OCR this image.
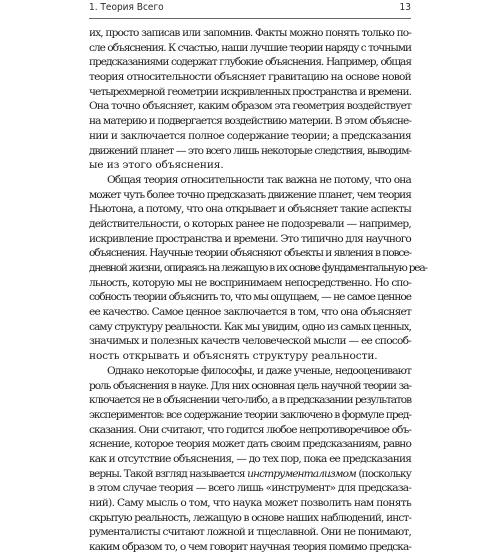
1. Теория Всего	13
их, просто записав или запомнив. Факты можно понять только по-
сле объяснения. К счастью, наши лучшие теории наряду с точными
предсказаниями содержат глубокие объяснения. Например, общая
теория относительности объясняет гравитацию на основе новой
четырехмерной геометрии искривленных пространства и времени.
Она точно объясняет, каким образом эта геометрия воздействует
на материю и подвергается воздействию материи. В этом объясне-
нии и заключается полное содержание теории; а предсказания
движений планет — это всего лишь некоторые следствия, выводим-
ые из этого объяснения.
Общая теория относительности так важна не потому, что она
может чуть более точно предсказать движение планет, чем теория
Ньютона, а потому, что она открывает и объясняет такие аспекты
действительности, о которых ранее не подозревали — например,
искривление пространства и времени. Это типично для научного
объяснения. Научные теории объясняют объекты и явления в повсе-
дневной жизни, опираясь на лежащую в их основе фундаментальную реа-
льность, которую мы не воспринимаем непосредственно. Но спо-
собность теории объяснить то, что мы ощущаем, — не самое ценное
ее качество. Самое ценное заключается в том, что она объясняет
саму структуру реальности. Как мы увидим, одно из самых ценных,
значимых и полезных качеств человеческой мысли — ее способ-
ность открывать и объяснять структуру реальности.
Однако некоторые философы, и даже ученые, недооценивают
роль объяснения в науке. Для них основная цель научной теории за-
ключается не в объяснении чего-либо, а в предсказании результатов
экспериментов: все содержание теории заключено в формуле пред-
сказания. Они считают, что годится любое непротиворечивое объ-
яснение, которое теория может дать своим предсказаниям, равно
как и отсутствие объяснения, — до тех пор, пока ее предсказания
верны. Такой взгляд называется инструментализмом (поскольку
в этом случае теория — всего лишь «инструмент» для предсказа-
ний). Саму мысль о том, что наука может позволить нам понять
скрытую реальность, лежащую в основе наших наблюдений, инст-
рументалисты считают ложной и тщеславной. Они не понимают,
каким образом то, о чем говорит научная теория помимо предска-
